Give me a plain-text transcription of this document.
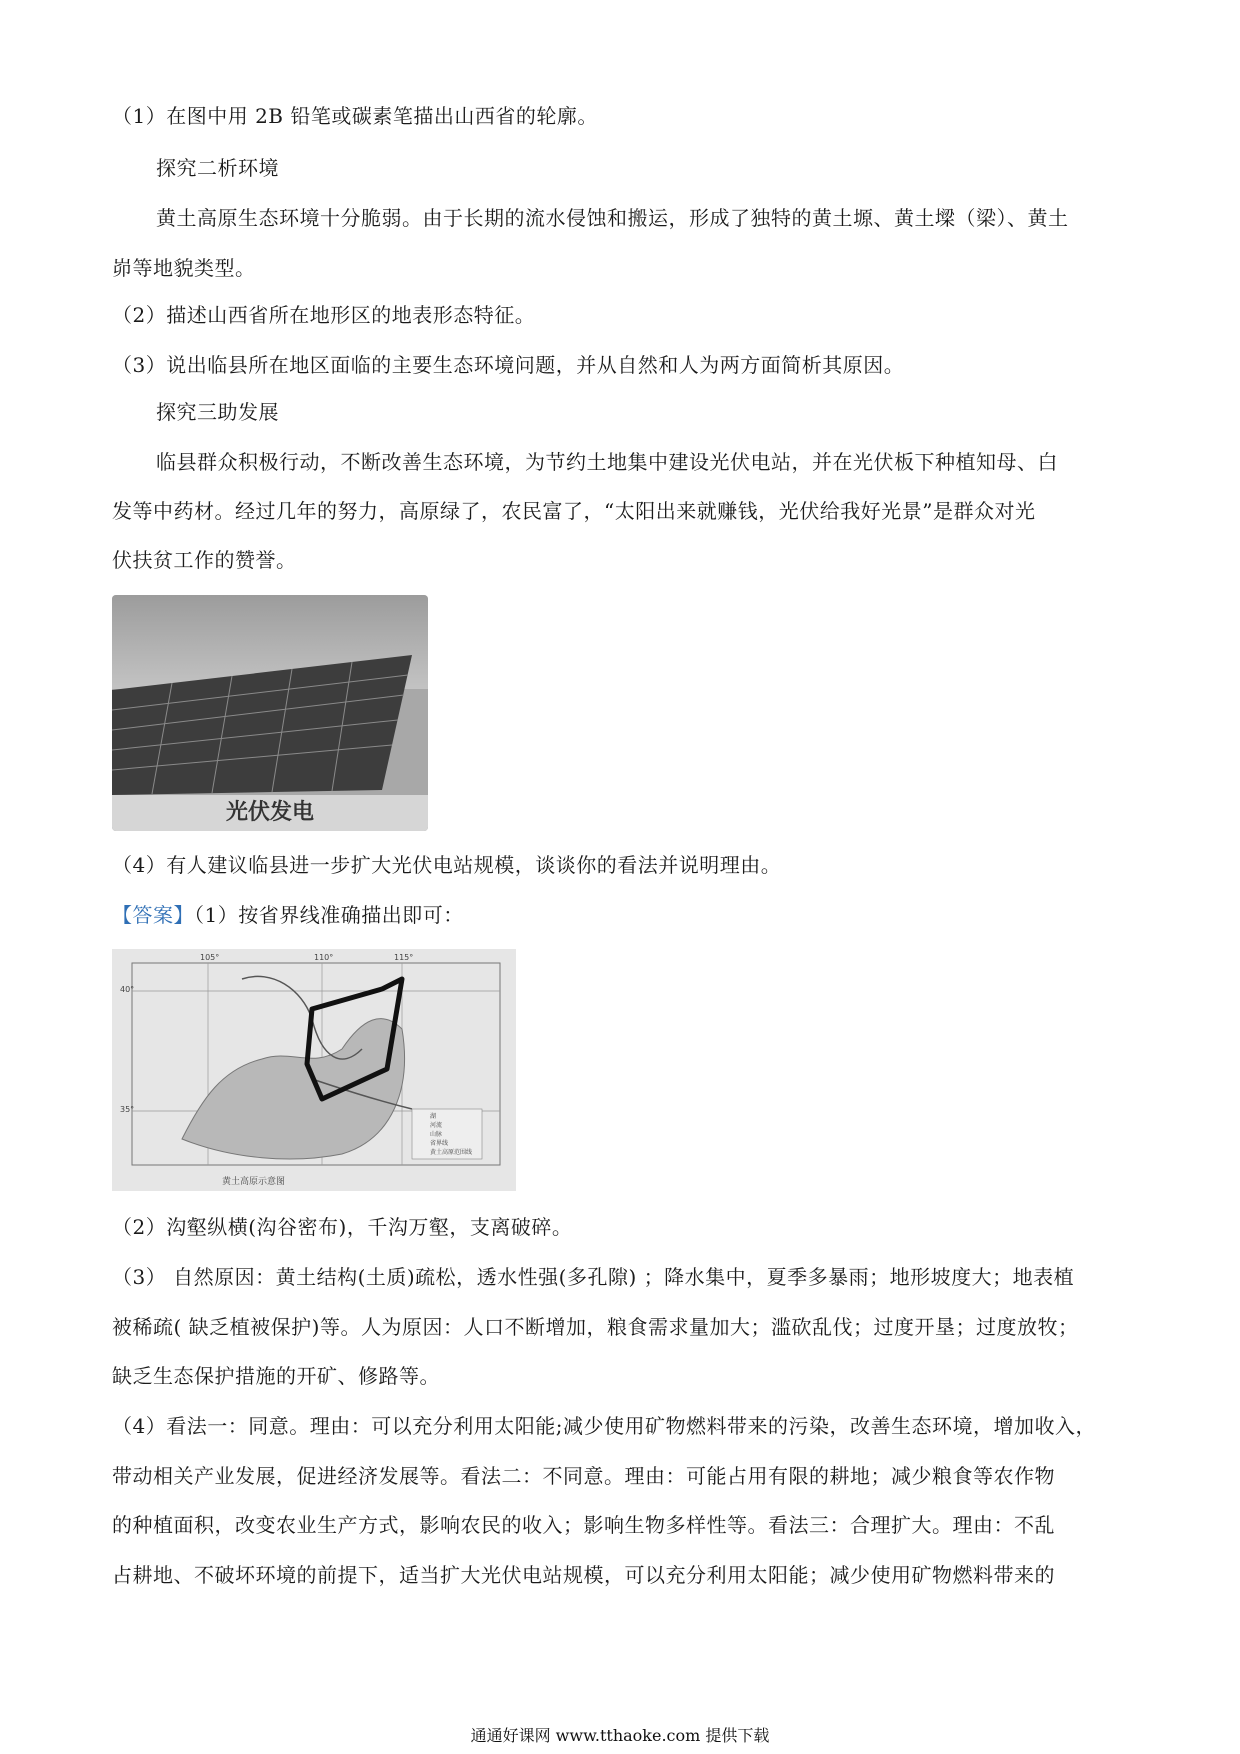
（1）在图中用 2B 铅笔或碳素笔描出山西省的轮廓。
探究二析环境
黄土高原生态环境十分脆弱。由于长期的流水侵蚀和搬运，形成了独特的黄土塬、黄土墚（梁）、黄土
峁等地貌类型。
（2）描述山西省所在地形区的地表形态特征。
（3）说出临县所在地区面临的主要生态环境问题，并从自然和人为两方面简析其原因。
探究三助发展
临县群众积极行动，不断改善生态环境，为节约土地集中建设光伏电站，并在光伏板下种植知母、白
发等中药材。经过几年的努力，高原绿了，农民富了，“太阳出来就赚钱，光伏给我好光景”是群众对光
伏扶贫工作的赞誉。
光伏发电
（4）有人建议临县进一步扩大光伏电站规模，谈谈你的看法并说明理由。
【答案】（1）按省界线准确描出即可：
105°	110°	115°
40°
35°
湖
河流
山脉
省界线
黄土高原范围线
黄土高原示意图
（2）沟壑纵横(沟谷密布)，千沟万壑，支离破碎。
（3） 自然原因：黄土结构(土质)疏松，透水性强(多孔隙) ；降水集中，夏季多暴雨；地形坡度大；地表植
被稀疏( 缺乏植被保护)等。人为原因：人口不断增加，粮食需求量加大；滥砍乱伐；过度开垦；过度放牧；
缺乏生态保护措施的开矿、修路等。
（4）看法一：同意。理由：可以充分利用太阳能;减少使用矿物燃料带来的污染，改善生态环境，增加收入，
带动相关产业发展，促进经济发展等。看法二：不同意。理由：可能占用有限的耕地；减少粮食等农作物
的种植面积，改变农业生产方式，影响农民的收入；影响生物多样性等。看法三：合理扩大。理由：不乱
占耕地、不破坏环境的前提下，适当扩大光伏电站规模，可以充分利用太阳能；减少使用矿物燃料带来的
通通好课网 www.tthaoke.com 提供下载
